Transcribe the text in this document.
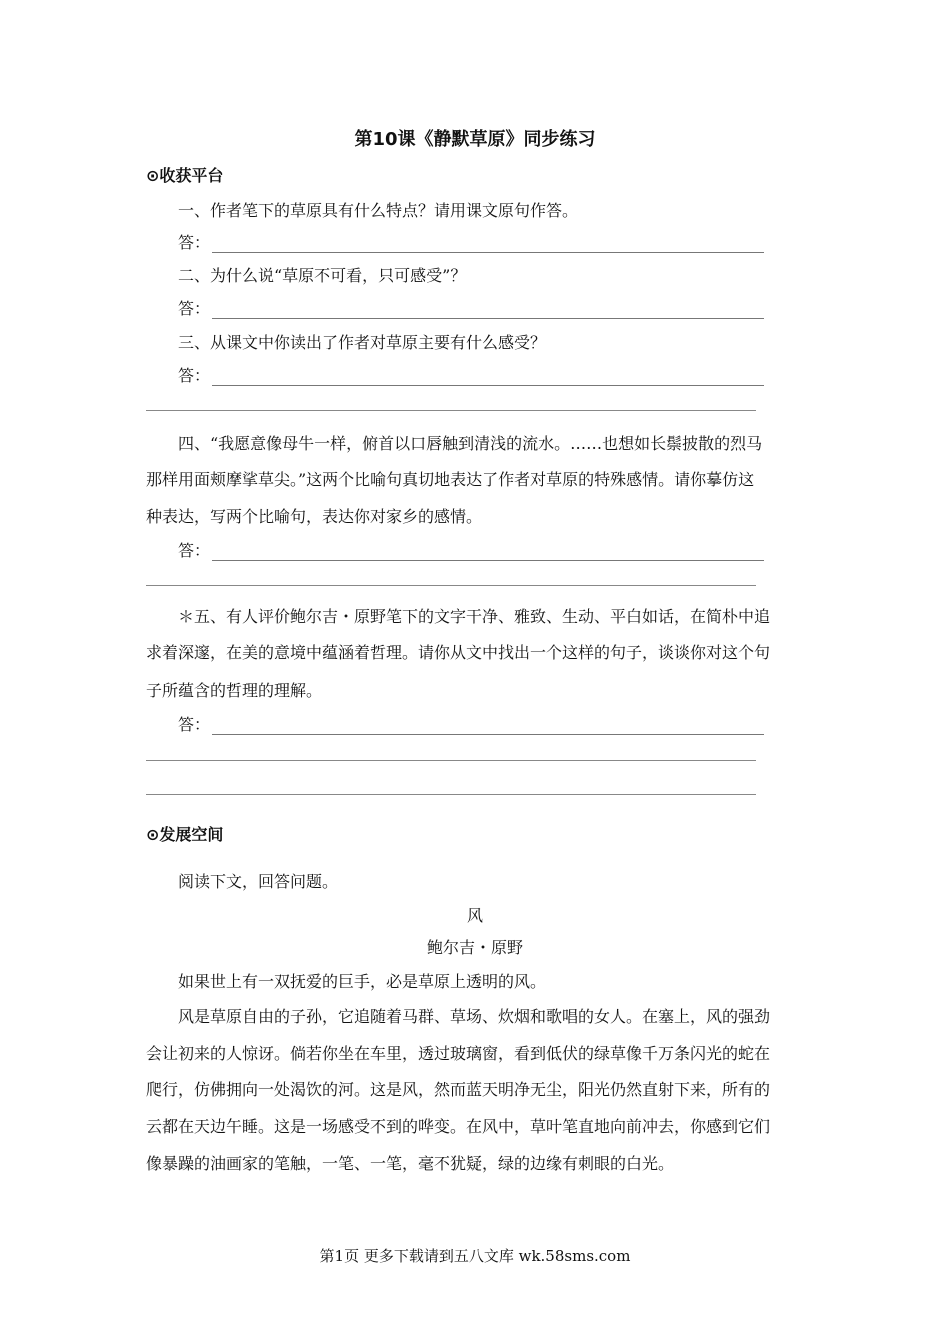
第10课《静默草原》同步练习
⊙收获平台
一、作者笔下的草原具有什么特点？请用课文原句作答。
答：
二、为什么说“草原不可看，只可感受”？
答：
三、从课文中你读出了作者对草原主要有什么感受？
答：
四、“我愿意像母牛一样，俯首以口唇触到清浅的流水。……也想如长鬃披散的烈马
那样用面颊摩挲草尖。”这两个比喻句真切地表达了作者对草原的特殊感情。请你摹仿这
种表达，写两个比喻句，表达你对家乡的感情。
答：
＊五、有人评价鲍尔吉・原野笔下的文字干净、雅致、生动、平白如话，在简朴中追
求着深邃，在美的意境中蕴涵着哲理。请你从文中找出一个这样的句子，谈谈你对这个句
子所蕴含的哲理的理解。
答：
⊙发展空间
阅读下文，回答问题。
风
鲍尔吉・原野
如果世上有一双抚爱的巨手，必是草原上透明的风。
风是草原自由的子孙，它追随着马群、草场、炊烟和歌唱的女人。在塞上，风的强劲
会让初来的人惊讶。倘若你坐在车里，透过玻璃窗，看到低伏的绿草像千万条闪光的蛇在
爬行，仿佛拥向一处渴饮的河。这是风，然而蓝天明净无尘，阳光仍然直射下来，所有的
云都在天边午睡。这是一场感受不到的哗变。在风中，草叶笔直地向前冲去，你感到它们
像暴躁的油画家的笔触，一笔、一笔，毫不犹疑，绿的边缘有刺眼的白光。
第1页 更多下载请到五八文库 wk.58sms.com
